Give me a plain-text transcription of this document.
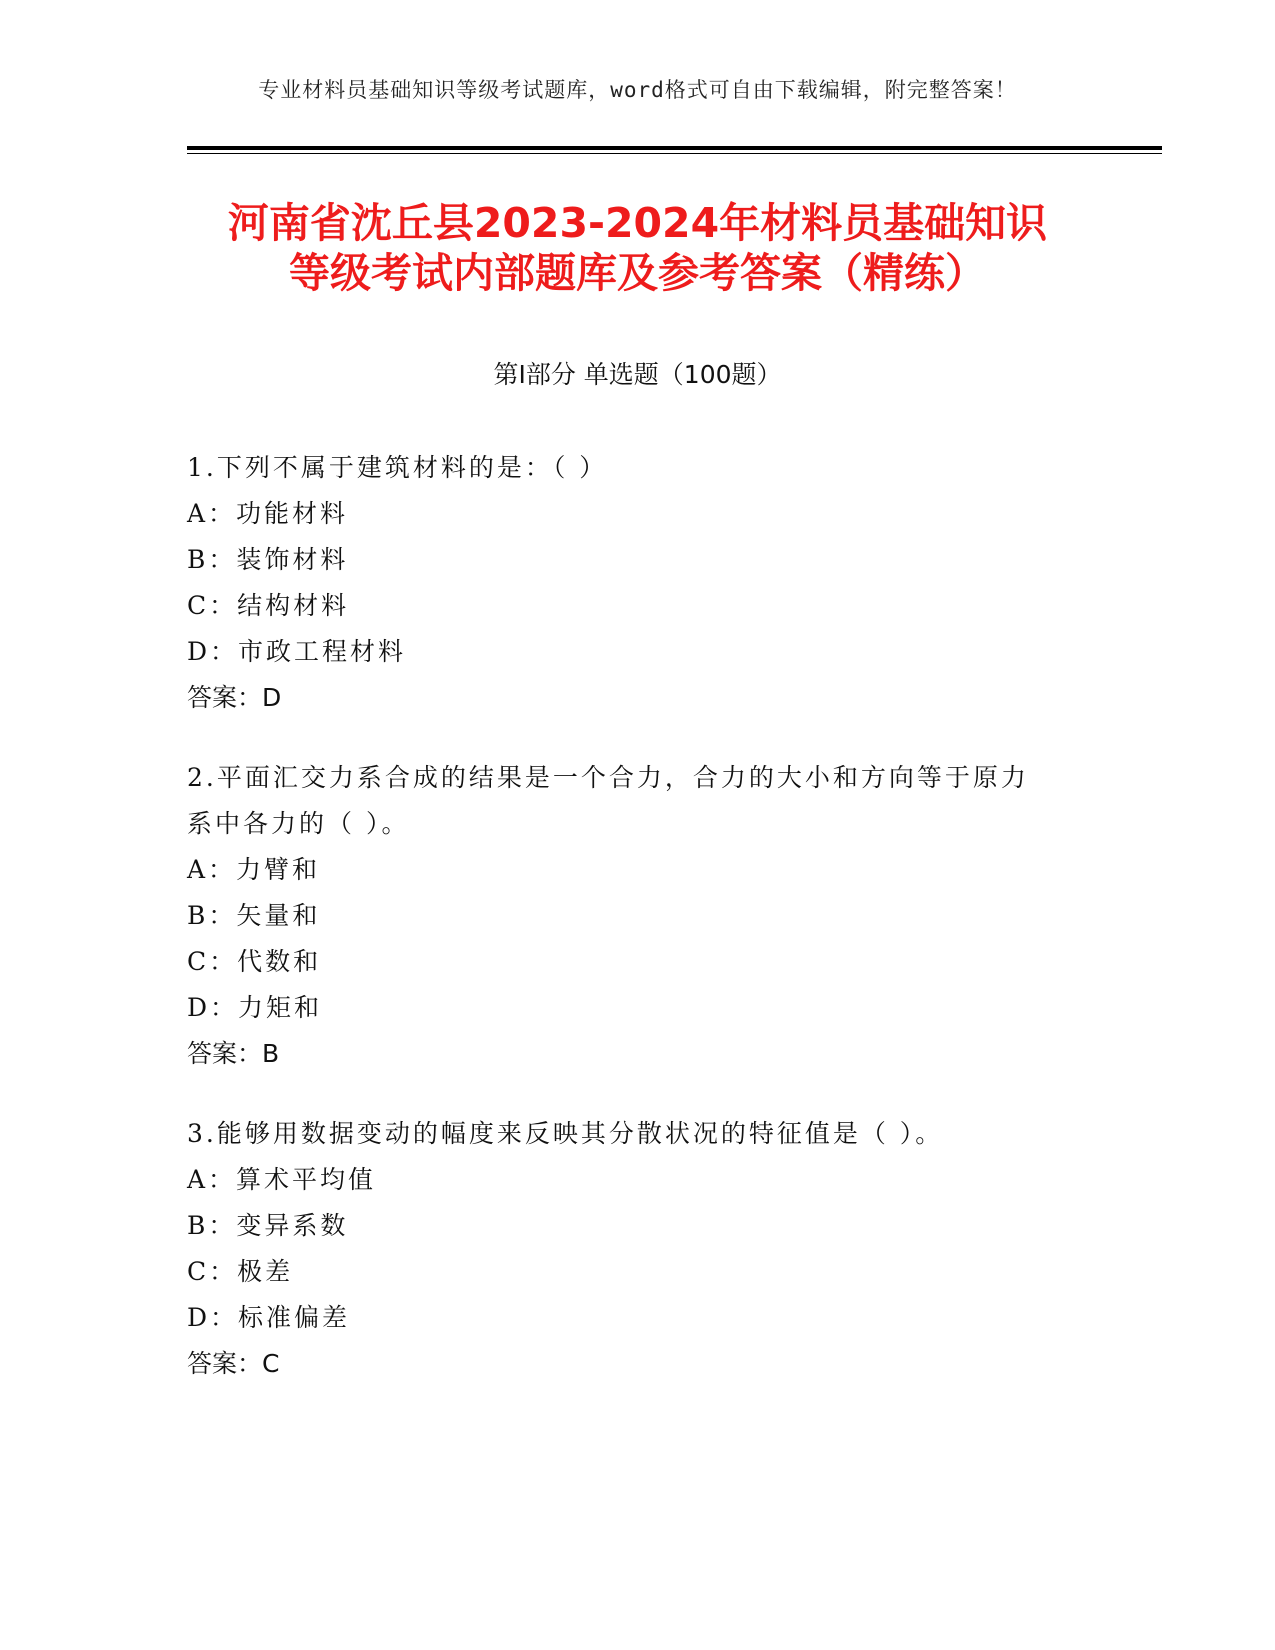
专业材料员基础知识等级考试题库，word格式可自由下载编辑，附完整答案！
河南省沈丘县2023-2024年材料员基础知识
等级考试内部题库及参考答案（精练）
第Ⅰ部分 单选题（100题）

1.下列不属于建筑材料的是：（ ）

A：功能材料

B：装饰材料

C：结构材料

D：市政工程材料

答案：D

2.平面汇交力系合成的结果是一个合力，合力的大小和方向等于原力

系中各力的（ ）。

A：力臂和

B：矢量和

C：代数和

D：力矩和

答案：B

3.能够用数据变动的幅度来反映其分散状况的特征值是（ ）。

A：算术平均值

B：变异系数

C：极差

D：标准偏差

答案：C
